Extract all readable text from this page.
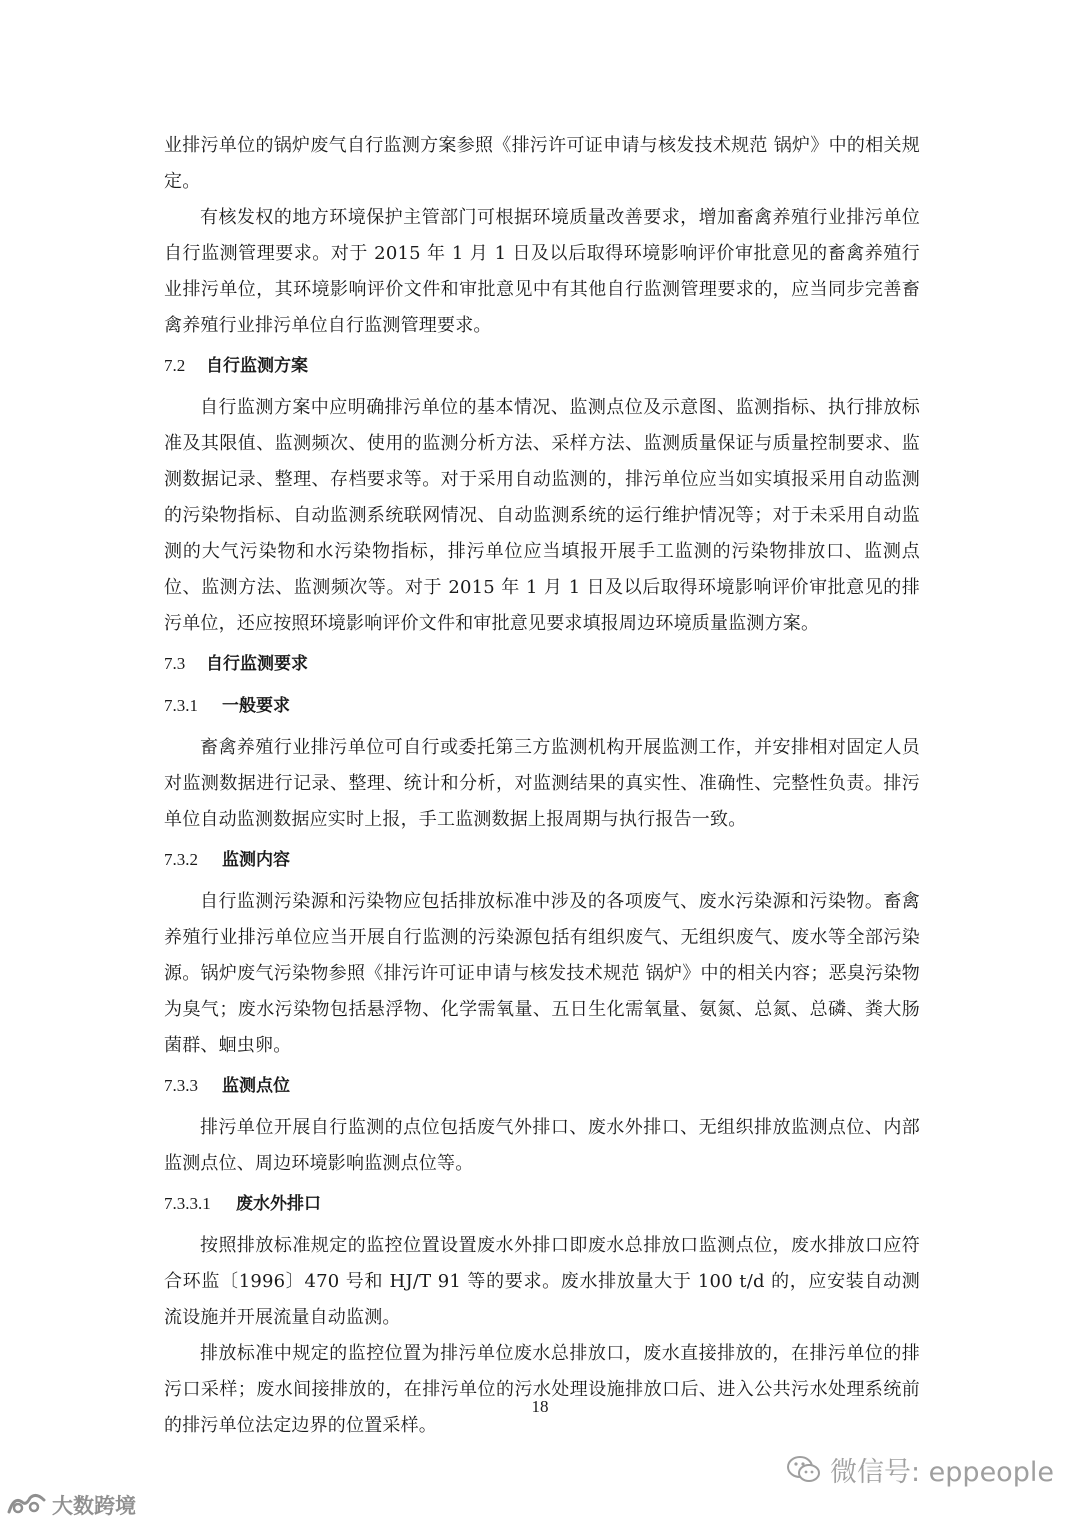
业排污单位的锅炉废气自行监测方案参照《排污许可证申请与核发技术规范 锅炉》中的相关规定。

有核发权的地方环境保护主管部门可根据环境质量改善要求，增加畜禽养殖行业排污单位自行监测管理要求。对于 2015 年 1 月 1 日及以后取得环境影响评价审批意见的畜禽养殖行业排污单位，其环境影响评价文件和审批意见中有其他自行监测管理要求的，应当同步完善畜禽养殖行业排污单位自行监测管理要求。

7.2	自行监测方案

自行监测方案中应明确排污单位的基本情况、监测点位及示意图、监测指标、执行排放标准及其限值、监测频次、使用的监测分析方法、采样方法、监测质量保证与质量控制要求、监测数据记录、整理、存档要求等。对于采用自动监测的，排污单位应当如实填报采用自动监测的污染物指标、自动监测系统联网情况、自动监测系统的运行维护情况等；对于未采用自动监测的大气污染物和水污染物指标，排污单位应当填报开展手工监测的污染物排放口、监测点位、监测方法、监测频次等。对于 2015 年 1 月 1 日及以后取得环境影响评价审批意见的排污单位，还应按照环境影响评价文件和审批意见要求填报周边环境质量监测方案。

7.3	自行监测要求
7.3.1	一般要求

畜禽养殖行业排污单位可自行或委托第三方监测机构开展监测工作，并安排相对固定人员对监测数据进行记录、整理、统计和分析，对监测结果的真实性、准确性、完整性负责。排污单位自动监测数据应实时上报，手工监测数据上报周期与执行报告一致。

7.3.2	监测内容

自行监测污染源和污染物应包括排放标准中涉及的各项废气、废水污染源和污染物。畜禽养殖行业排污单位应当开展自行监测的污染源包括有组织废气、无组织废气、废水等全部污染源。锅炉废气污染物参照《排污许可证申请与核发技术规范 锅炉》中的相关内容；恶臭污染物为臭气；废水污染物包括悬浮物、化学需氧量、五日生化需氧量、氨氮、总氮、总磷、粪大肠菌群、蛔虫卵。

7.3.3	监测点位

排污单位开展自行监测的点位包括废气外排口、废水外排口、无组织排放监测点位、内部监测点位、周边环境影响监测点位等。

7.3.3.1	废水外排口

按照排放标准规定的监控位置设置废水外排口即废水总排放口监测点位，废水排放口应符合环监〔1996〕470 号和 HJ/T 91 等的要求。废水排放量大于 100 t/d 的，应安装自动测流设施并开展流量自动监测。

排放标准中规定的监控位置为排污单位废水总排放口，废水直接排放的，在排污单位的排污口采样；废水间接排放的，在排污单位的污水处理设施排放口后、进入公共污水处理系统前的排污单位法定边界的位置采样。

18
微信号: eppeople
大数跨境
